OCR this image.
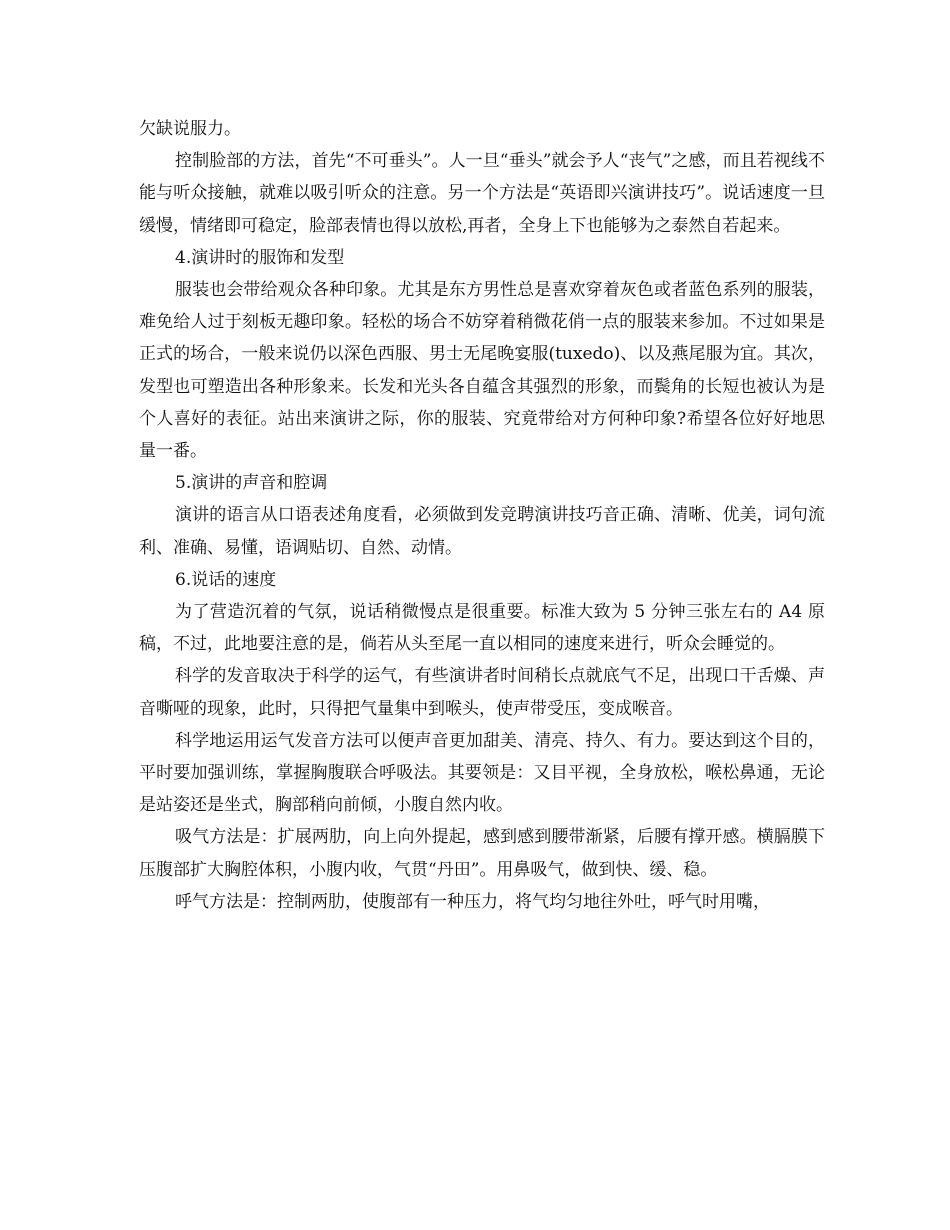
欠缺说服力。

控制脸部的方法，首先“不可垂头”。人一旦“垂头”就会予人“丧气”之感，而且若视线不能与听众接触，就难以吸引听众的注意。另一个方法是“英语即兴演讲技巧”。说话速度一旦缓慢，情绪即可稳定，脸部表情也得以放松,再者，全身上下也能够为之泰然自若起来。

4.演讲时的服饰和发型

服装也会带给观众各种印象。尤其是东方男性总是喜欢穿着灰色或者蓝色系列的服装，难免给人过于刻板无趣印象。轻松的场合不妨穿着稍微花俏一点的服装来参加。不过如果是正式的场合，一般来说仍以深色西服、男士无尾晚宴服(tuxedo)、以及燕尾服为宜。其次，发型也可塑造出各种形象来。长发和光头各自蕴含其强烈的形象，而鬓角的长短也被认为是个人喜好的表征。站出来演讲之际，你的服装、究竟带给对方何种印象?希望各位好好地思量一番。

5.演讲的声音和腔调

演讲的语言从口语表述角度看，必须做到发竞聘演讲技巧音正确、清晰、优美，词句流利、准确、易懂，语调贴切、自然、动情。

6.说话的速度

为了营造沉着的气氛，说话稍微慢点是很重要。标准大致为 5 分钟三张左右的 A4 原稿，不过，此地要注意的是，倘若从头至尾一直以相同的速度来进行，听众会睡觉的。

科学的发音取决于科学的运气，有些演讲者时间稍长点就底气不足，出现口干舌燥、声音嘶哑的现象，此时，只得把气量集中到喉头，使声带受压，变成喉音。

科学地运用运气发音方法可以便声音更加甜美、清亮、持久、有力。要达到这个目的，平时要加强训练，掌握胸腹联合呼吸法。其要领是：又目平视，全身放松，喉松鼻通，无论是站姿还是坐式，胸部稍向前倾，小腹自然内收。

吸气方法是：扩展两肋，向上向外提起，感到感到腰带渐紧，后腰有撑开感。横膈膜下压腹部扩大胸腔体积，小腹内收，气贯“丹田”。用鼻吸气，做到快、缓、稳。

呼气方法是：控制两肋，使腹部有一种压力，将气均匀地往外吐，呼气时用嘴，
